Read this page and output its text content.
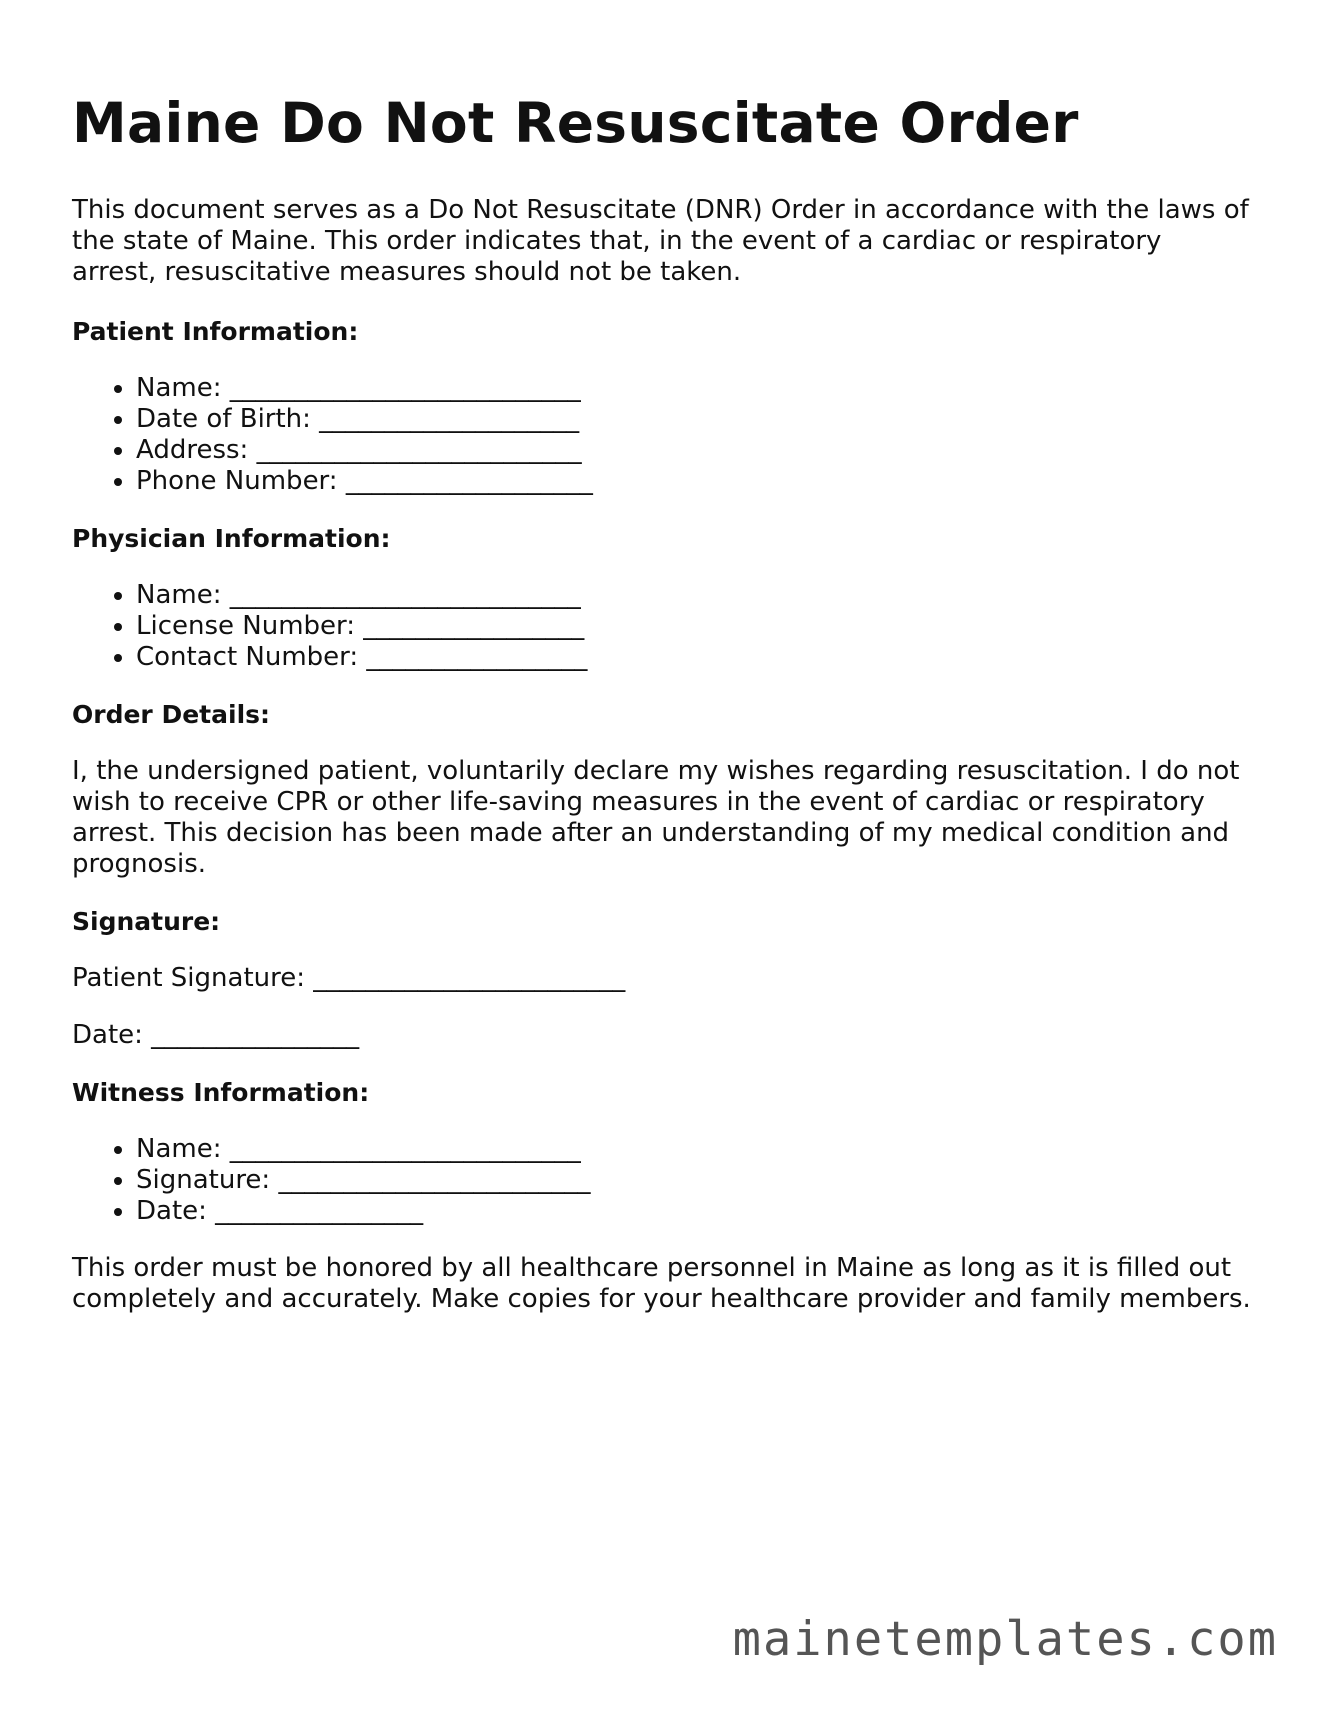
Maine Do Not Resuscitate Order

This document serves as a Do Not Resuscitate (DNR) Order in accordance with the laws of the state of Maine. This order indicates that, in the event of a cardiac or respiratory arrest, resuscitative measures should not be taken.

Patient Information:
• Name: ___________________________
• Date of Birth: ____________________
• Address: _________________________
• Phone Number: ___________________
Physician Information:
• Name: ___________________________
• License Number: _________________
• Contact Number: _________________
Order Details:

I, the undersigned patient, voluntarily declare my wishes regarding resuscitation. I do not wish to receive CPR or other life-saving measures in the event of cardiac or respiratory arrest. This decision has been made after an understanding of my medical condition and prognosis.

Signature:

Patient Signature: ________________________

Date: ________________

Witness Information:
• Name: ___________________________
• Signature: ________________________
• Date: ________________

This order must be honored by all healthcare personnel in Maine as long as it is filled out completely and accurately. Make copies for your healthcare provider and family members.

mainetemplates.com
